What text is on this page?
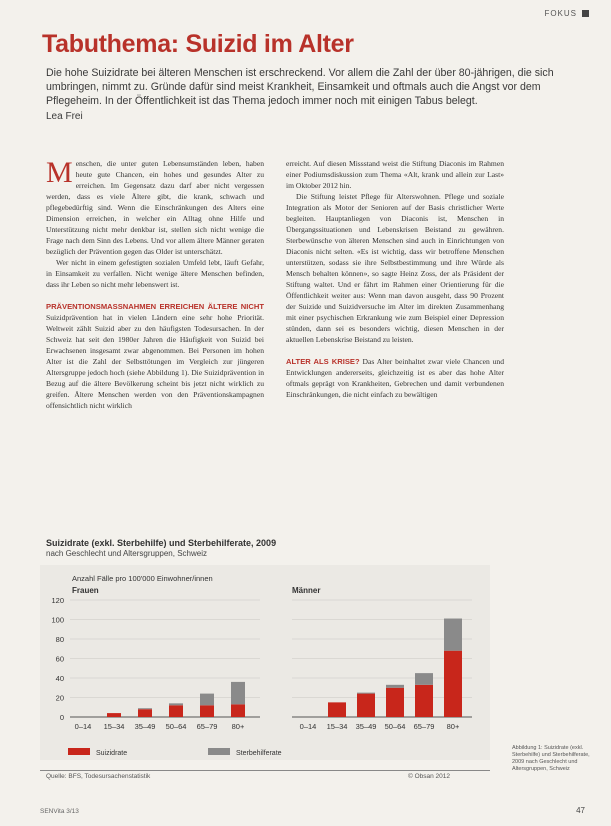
FOKUS
Tabuthema: Suizid im Alter

Die hohe Suizidrate bei älteren Menschen ist erschreckend. Vor allem die Zahl der über 80-jährigen, die sich umbringen, nimmt zu. Gründe dafür sind meist Krankheit, Einsamkeit und oftmals auch die Angst vor dem Pflegeheim. In der Öffentlichkeit ist das Thema jedoch immer noch mit einigen Tabus belegt.

Lea Frei

Menschen, die unter guten Lebensumständen leben, haben heute gute Chancen, ein hohes und gesundes Alter zu erreichen. Im Gegensatz dazu darf aber nicht vergessen werden, dass es viele Ältere gibt, die krank, schwach und pflegebedürftig sind. Wenn die Einschränkungen des Alters eine Dimension erreichen, in welcher ein Alltag ohne Hilfe und Unterstützung nicht mehr denkbar ist, stellen sich nicht wenige die Frage nach dem Sinn des Lebens. Und vor allem ältere Männer geraten bezüglich der Prävention gegen das Older ist unterschätzt.

Wer nicht in einem gefestigten sozialen Umfeld lebt, läuft Gefahr, in Einsamkeit zu verfallen. Nicht wenige ältere Menschen befinden, dass ihr Leben so nicht mehr lebenswert ist.

PRÄVENTIONSMASSNAHMEN ERREICHEN ÄLTERE NICHT Suizidprävention hat in vielen Ländern eine sehr hohe Priorität. Weltweit zählt Suizid aber zu den häufigsten Todesursachen. In der Schweiz hat seit den 1980er Jahren die Häufigkeit von Suizid bei Erwachsenen insgesamt zwar abgenommen. Bei Personen im hohen Alter ist die Zahl der Selbsttötungen im Vergleich zur jüngeren Altersgruppe jedoch hoch (siehe Abbildung 1). Die Suizidprävention in Bezug auf die ältere Bevölkerung scheint bis jetzt nicht wirklich zu greifen. Ältere Menschen werden von den Präventionskampagnen offensichtlich nicht wirklich

erreicht. Auf diesen Missstand weist die Stiftung Diaconis im Rahmen einer Podiumsdiskussion zum Thema «Alt, krank und allein zur Last» im Oktober 2012 hin.

Die Stiftung leistet Pflege für Alterswohnen. Pflege und soziale Integration als Motor der Senioren auf der Basis christlicher Werte begleiten. Hauptanliegen von Diaconis ist, Menschen in Übergangssituationen und Lebenskrisen Beistand zu gewähren. Sterbewünsche von älteren Menschen sind auch in Einrichtungen von Diaconis nicht selten. «Es ist wichtig, dass wir betroffene Menschen unterstützen, sodass sie ihre Selbstbestimmung und ihre Würde als Mensch behalten können», so sagte Heinz Zoss, der als Präsident der Stiftung waltet. Und er fährt im Rahmen einer Orientierung für die Öffentlichkeit weiter aus: Wenn man davon ausgeht, dass 90 Prozent der Suizide und Suizidversuche im Alter im direkten Zusammenhang mit einer psychischen Erkrankung wie zum Beispiel einer Depression stünden, dann sei es besonders wichtig, diesen Menschen in der aktuellen Lebenskrise Beistand zu leisten.

ALTER ALS KRISE? Das Alter beinhaltet zwar viele Chancen und Entwicklungen andererseits, gleichzeitig ist es aber das hohe Alter oftmals geprägt von Krankheiten, Gebrechen und damit verbundenen Einschränkungen, die nicht einfach zu bewältigen

Suizidrate (exkl. Sterbehilfe) und Sterbehilferate, 2009
nach Geschlecht und Altersgruppen, Schweiz
Anzahl Fälle pro 100'000 Einwohner/innen
Frauen
0
20
40
60
80
100
120
0–14 15–34 35–49 50–64 65–79 80+
Männer
0–14 15–34 35–49 50–64 65–79 80+
Suizidrate	Sterbehilferate
Abbildung 1: Suizidrate (exkl. Sterbehilfe) und Sterbehilferate, 2009 nach Geschlecht und Altersgruppen, Schweiz
Quelle: BFS, Todesursachenstatistik	© Obsan 2012
SENVita 3/13	47
